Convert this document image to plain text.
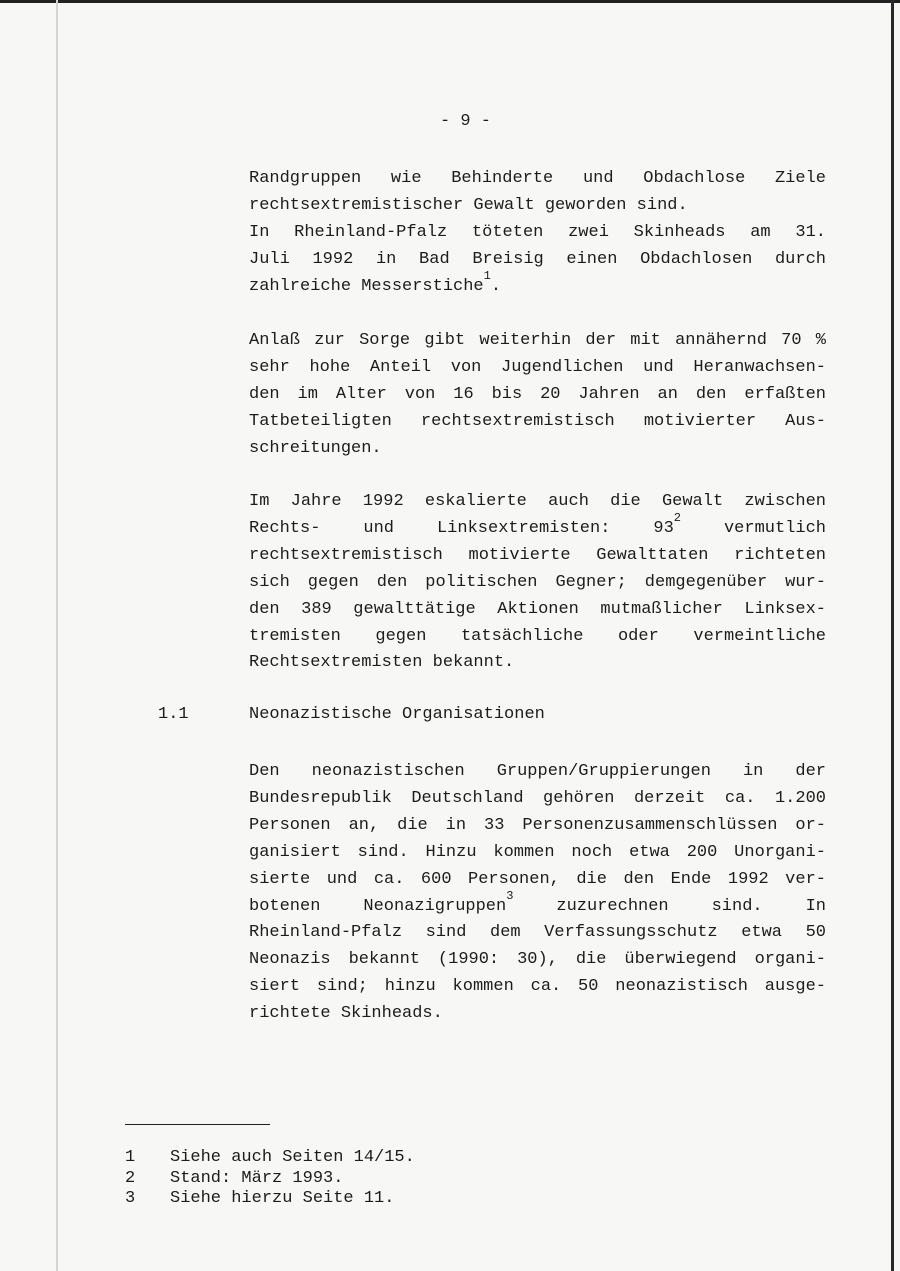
- 9 -
Randgruppen wie Behinderte und Obdachlose Ziele
rechtsextremistischer Gewalt geworden sind.
In Rheinland-Pfalz töteten zwei Skinheads am 31.
Juli 1992 in Bad Breisig einen Obdachlosen durch
zahlreiche Messerstiche$^1$.
Anlaß zur Sorge gibt weiterhin der mit annähernd 70 %
sehr hohe Anteil von Jugendlichen und Heranwachsen-
den im Alter von 16 bis 20 Jahren an den erfaßten
Tatbeteiligten rechtsextremistisch motivierter Aus-
schreitungen.
Im Jahre 1992 eskalierte auch die Gewalt zwischen
Rechts- und Linksextremisten: $93^2$ vermutlich
rechtsextremistisch motivierte Gewalttaten richteten
sich gegen den politischen Gegner; demgegenüber wur-
den 389 gewalttätige Aktionen mutmaßlicher Linksex-
tremisten gegen tatsächliche oder vermeintliche
Rechtsextremisten bekannt.
1.1	Neonazistische Organisationen
Den neonazistischen Gruppen/Gruppierungen in der
Bundesrepublik Deutschland gehören derzeit ca. 1.200
Personen an, die in 33 Personenzusammenschlüssen or-
ganisiert sind. Hinzu kommen noch etwa 200 Unorgani-
sierte und ca. 600 Personen, die den Ende 1992 ver-
botenen Neonazigruppen$^3$ zuzurechnen sind. In
Rheinland-Pfalz sind dem Verfassungsschutz etwa 50
Neonazis bekannt (1990: 30), die überwiegend organi-
siert sind; hinzu kommen ca. 50 neonazistisch ausge-
richtete Skinheads.
1 Siehe auch Seiten 14/15.
2 Stand: März 1993.
3 Siehe hierzu Seite 11.
